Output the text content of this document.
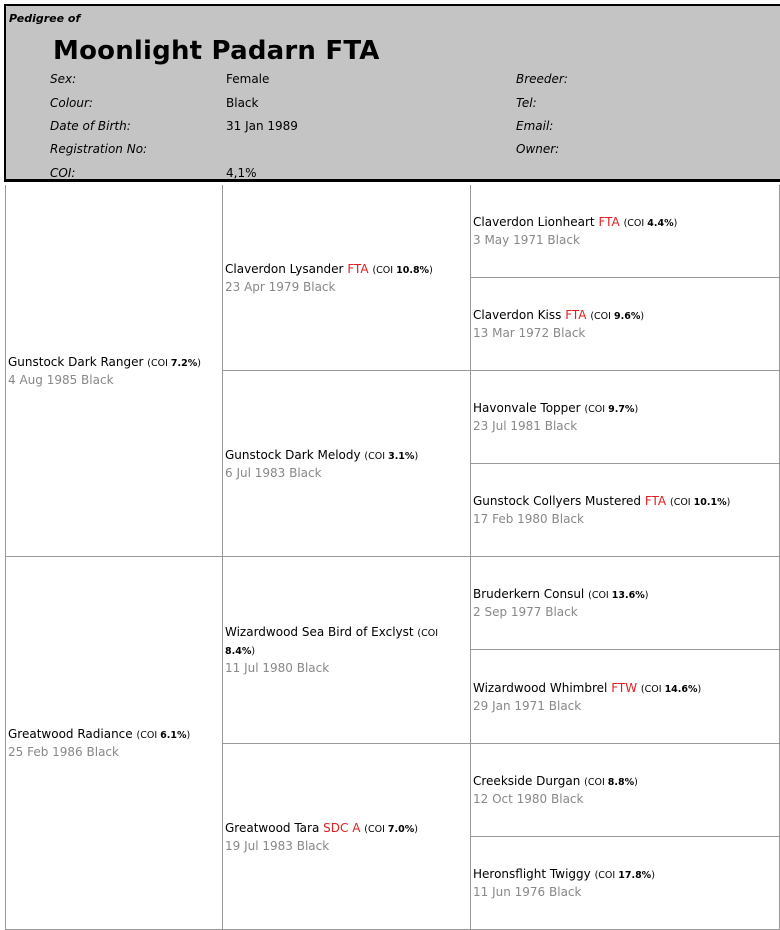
Pedigree of
Moonlight Padarn FTA
Sex:	Female
Colour:	Black
Date of Birth:	31 Jan 1989
Registration No:
COI:	4,1%
Breeder:
Tel:
Email:
Owner:
Gunstock Dark Ranger (COI 7.2%)
4 Aug 1985 Black
Greatwood Radiance (COI 6.1%)
25 Feb 1986 Black
Claverdon Lysander FTA (COI 10.8%)
23 Apr 1979 Black
Gunstock Dark Melody (COI 3.1%)
6 Jul 1983 Black
Wizardwood Sea Bird of Exclyst (COI 8.4%)
11 Jul 1980 Black
Greatwood Tara SDC A (COI 7.0%)
19 Jul 1983 Black
Claverdon Lionheart FTA (COI 4.4%)
3 May 1971 Black
Claverdon Kiss FTA (COI 9.6%)
13 Mar 1972 Black
Havonvale Topper (COI 9.7%)
23 Jul 1981 Black
Gunstock Collyers Mustered FTA (COI 10.1%)
17 Feb 1980 Black
Bruderkern Consul (COI 13.6%)
2 Sep 1977 Black
Wizardwood Whimbrel FTW (COI 14.6%)
29 Jan 1971 Black
Creekside Durgan (COI 8.8%)
12 Oct 1980 Black
Heronsflight Twiggy (COI 17.8%)
11 Jun 1976 Black
